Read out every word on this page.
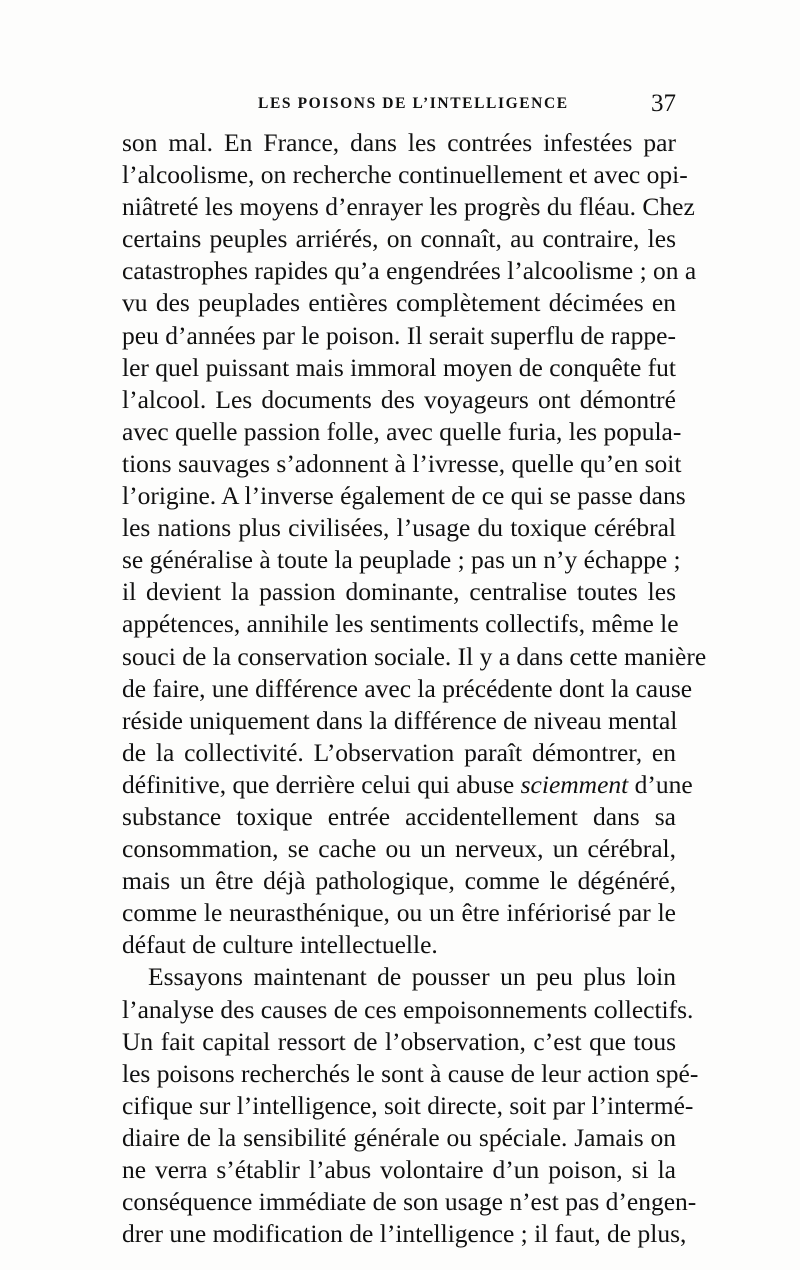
LES POISONS DE L’INTELLIGENCE	37
son mal. En France, dans les contrées infestées par
l’alcoolisme, on recherche continuellement et avec opi-
niâtreté les moyens d’enrayer les progrès du fléau. Chez
certains peuples arriérés, on connaît, au contraire, les
catastrophes rapides qu’a engendrées l’alcoolisme ; on a
vu des peuplades entières complètement décimées en
peu d’années par le poison. Il serait superflu de rappe-
ler quel puissant mais immoral moyen de conquête fut
l’alcool. Les documents des voyageurs ont démontré
avec quelle passion folle, avec quelle furia, les popula-
tions sauvages s’adonnent à l’ivresse, quelle qu’en soit
l’origine. A l’inverse également de ce qui se passe dans
les nations plus civilisées, l’usage du toxique cérébral
se généralise à toute la peuplade ; pas un n’y échappe ;
il devient la passion dominante, centralise toutes les
appétences, annihile les sentiments collectifs, même le
souci de la conservation sociale. Il y a dans cette manière
de faire, une différence avec la précédente dont la cause
réside uniquement dans la différence de niveau mental
de la collectivité. L’observation paraît démontrer, en
définitive, que derrière celui qui abuse sciemment d’une
substance toxique entrée accidentellement dans sa
consommation, se cache ou un nerveux, un cérébral,
mais un être déjà pathologique, comme le dégénéré,
comme le neurasthénique, ou un être infériorisé par le
défaut de culture intellectuelle.
Essayons maintenant de pousser un peu plus loin
l’analyse des causes de ces empoisonnements collectifs.
Un fait capital ressort de l’observation, c’est que tous
les poisons recherchés le sont à cause de leur action spé-
cifique sur l’intelligence, soit directe, soit par l’intermé-
diaire de la sensibilité générale ou spéciale. Jamais on
ne verra s’établir l’abus volontaire d’un poison, si la
conséquence immédiate de son usage n’est pas d’engen-
drer une modification de l’intelligence ; il faut, de plus,
